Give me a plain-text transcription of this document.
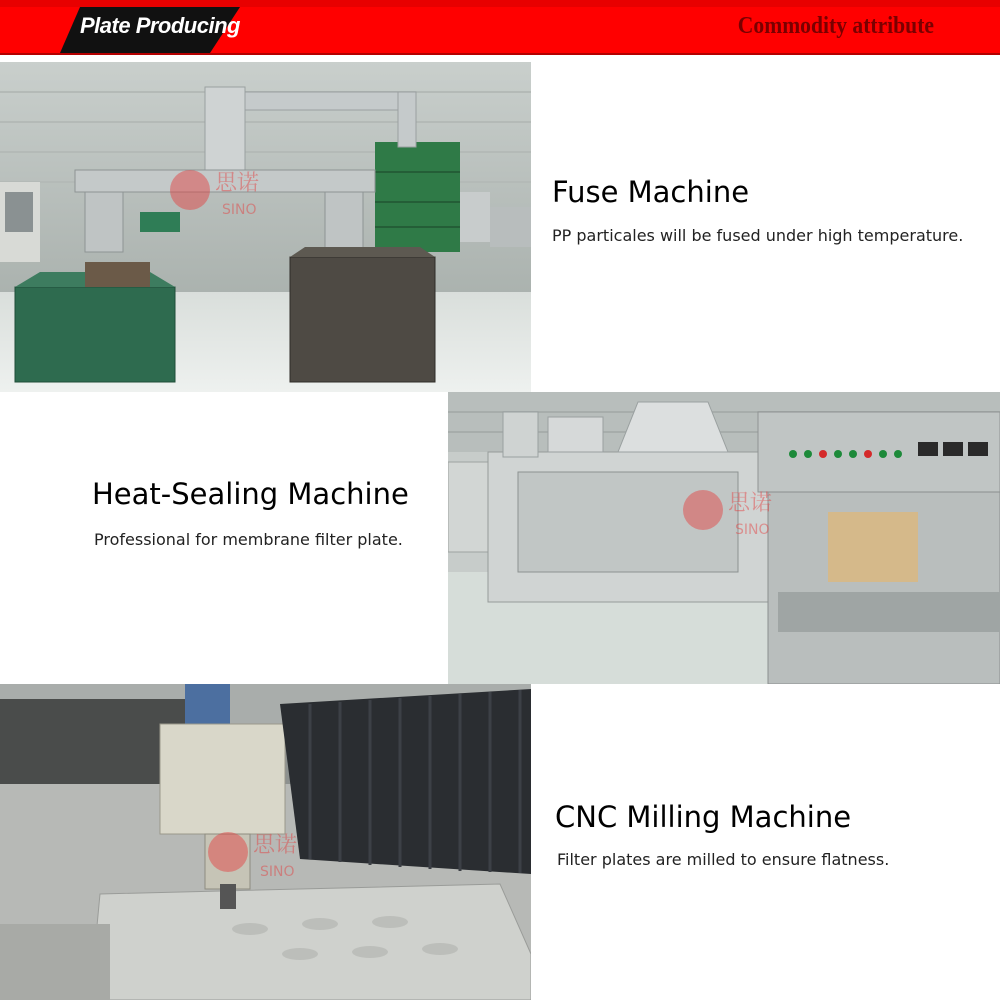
Plate Producing	Commodity attribute
思诺
SINO
Fuse Machine
PP particales will be fused under high temperature.
思诺
SINO
Heat-Sealing Machine
Professional for membrane filter plate.
思诺
SINO
CNC Milling Machine
Filter plates are milled to ensure flatness.
